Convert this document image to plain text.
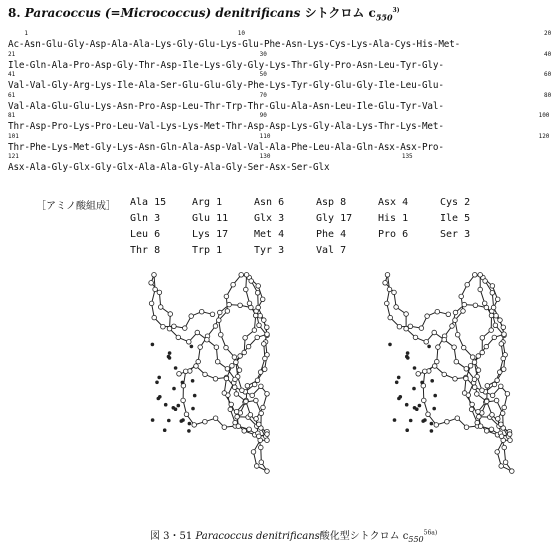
8. Paracoccus (=Micrococcus) denitrificans シトクロム $c_{550}^{3)}$
Ac-Asn-Glu-Gly-Asp-Ala-Ala-Lys-Gly-Glu-Lys-Glu-Phe-Asn-Lys-Cys-Lys-Ala-Cys-His-Met-
1	10	20
Ile-Gln-Ala-Pro-Asp-Gly-Thr-Asp-Ile-Lys-Gly-Gly-Lys-Thr-Gly-Pro-Asn-Leu-Tyr-Gly-
21	30	40
Val-Val-Gly-Arg-Lys-Ile-Ala-Ser-Glu-Glu-Gly-Phe-Lys-Tyr-Gly-Glu-Gly-Ile-Leu-Glu-
41	50	60
Val-Ala-Glu-Glu-Lys-Asn-Pro-Asp-Leu-Thr-Trp-Thr-Glu-Ala-Asn-Leu-Ile-Glu-Tyr-Val-
61	70	80
Thr-Asp-Pro-Lys-Pro-Leu-Val-Lys-Lys-Met-Thr-Asp-Asp-Lys-Gly-Ala-Lys-Thr-Lys-Met-
81	90	100
Thr-Phe-Lys-Met-Gly-Lys-Asn-Gln-Ala-Asp-Val-Val-Ala-Phe-Leu-Ala-Gln-Asx-Asx-Pro-
101	110	120
Asx-Ala-Gly-Glx-Gly-Glx-Ala-Ala-Gly-Ala-Gly-Ser-Asx-Ser-Glx
121	130	135
［アミノ酸組成］ Ala 15	Arg 1	Asn 6	Asp 8	Asx 4	Cys 2
Gln 3	Glu 11	Glx 3	Gly 17	His 1	Ile 5
Leu 6	Lys 17	Met 4	Phe 4	Pro 6	Ser 3
Thr 8	Trp 1	Tyr 3	Val 7
図 3・51 Paracoccus denitrificans酸化型シトクロム $c_{550}^{56a)}$
